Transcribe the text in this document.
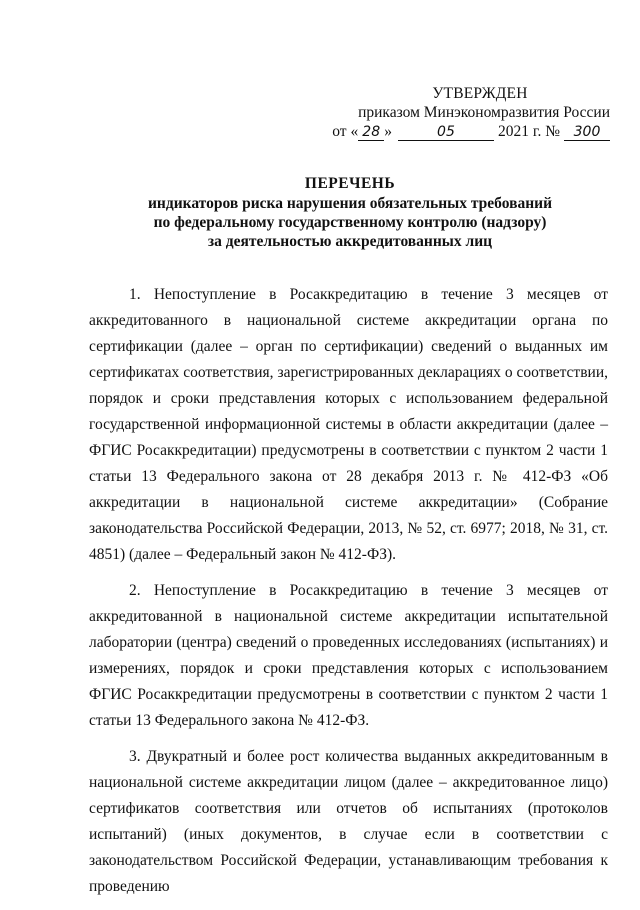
УТВЕРЖДЕН
приказом Минэкономразвития России
от « 28 »	05	2021 г. № 300
ПЕРЕЧЕНЬ
индикаторов риска нарушения обязательных требований
по федеральному государственному контролю (надзору)
за деятельностью аккредитованных лиц

1. Непоступление в Росаккредитацию в течение 3 месяцев от аккредитованного в национальной системе аккредитации органа по сертификации (далее – орган по сертификации) сведений о выданных им сертификатах соответствия, зарегистрированных декларациях о соответствии, порядок и сроки представления которых с использованием федеральной государственной информационной системы в области аккредитации (далее – ФГИС Росаккредитации) предусмотрены в соответствии с пунктом 2 части 1 статьи 13 Федерального закона от 28 декабря 2013 г. № 412-ФЗ «Об аккредитации в национальной системе аккредитации» (Собрание законодательства Российской Федерации, 2013, № 52, ст. 6977; 2018, № 31, ст. 4851) (далее – Федеральный закон № 412-ФЗ).

2. Непоступление в Росаккредитацию в течение 3 месяцев от аккредитованной в национальной системе аккредитации испытательной лаборатории (центра) сведений о проведенных исследованиях (испытаниях) и измерениях, порядок и сроки представления которых с использованием ФГИС Росаккредитации предусмотрены в соответствии с пунктом 2 части 1 статьи 13 Федерального закона № 412-ФЗ.

3. Двукратный и более рост количества выданных аккредитованным в национальной системе аккредитации лицом (далее – аккредитованное лицо) сертификатов соответствия или отчетов об испытаниях (протоколов испытаний) (иных документов, в случае если в соответствии с законодательством Российской Федерации, устанавливающим требования к проведению
